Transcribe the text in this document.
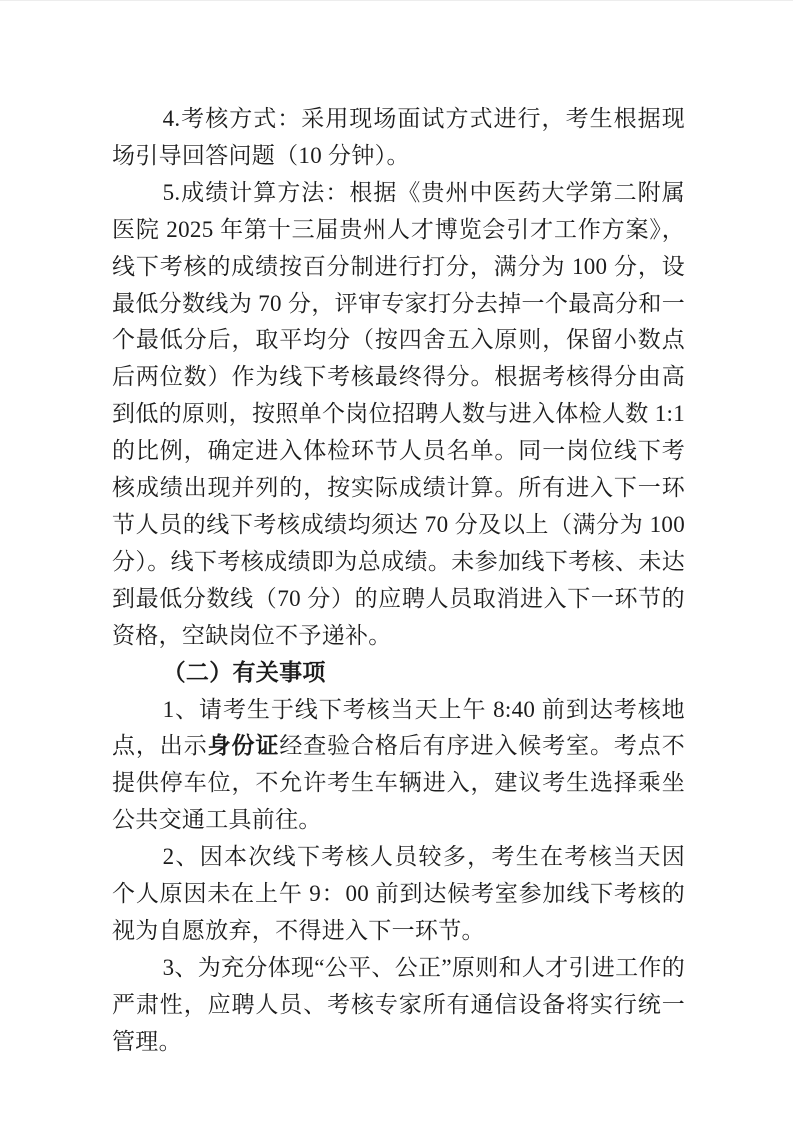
4.考核方式：采用现场面试方式进行，考生根据现场引导回答问题（10 分钟）。

5.成绩计算方法：根据《贵州中医药大学第二附属医院 2025 年第十三届贵州人才博览会引才工作方案》，线下考核的成绩按百分制进行打分，满分为 100 分，设最低分数线为 70 分，评审专家打分去掉一个最高分和一个最低分后，取平均分（按四舍五入原则，保留小数点后两位数）作为线下考核最终得分。根据考核得分由高到低的原则，按照单个岗位招聘人数与进入体检人数 1:1 的比例，确定进入体检环节人员名单。同一岗位线下考核成绩出现并列的，按实际成绩计算。所有进入下一环节人员的线下考核成绩均须达 70 分及以上（满分为 100 分）。线下考核成绩即为总成绩。未参加线下考核、未达到最低分数线（70 分）的应聘人员取消进入下一环节的资格，空缺岗位不予递补。

（二）有关事项

1、请考生于线下考核当天上午 8:40 前到达考核地点，出示身份证经查验合格后有序进入候考室。考点不提供停车位，不允许考生车辆进入，建议考生选择乘坐公共交通工具前往。

2、因本次线下考核人员较多，考生在考核当天因个人原因未在上午 9：00 前到达候考室参加线下考核的视为自愿放弃，不得进入下一环节。

3、为充分体现“公平、公正”原则和人才引进工作的严肃性，应聘人员、考核专家所有通信设备将实行统一管理。
